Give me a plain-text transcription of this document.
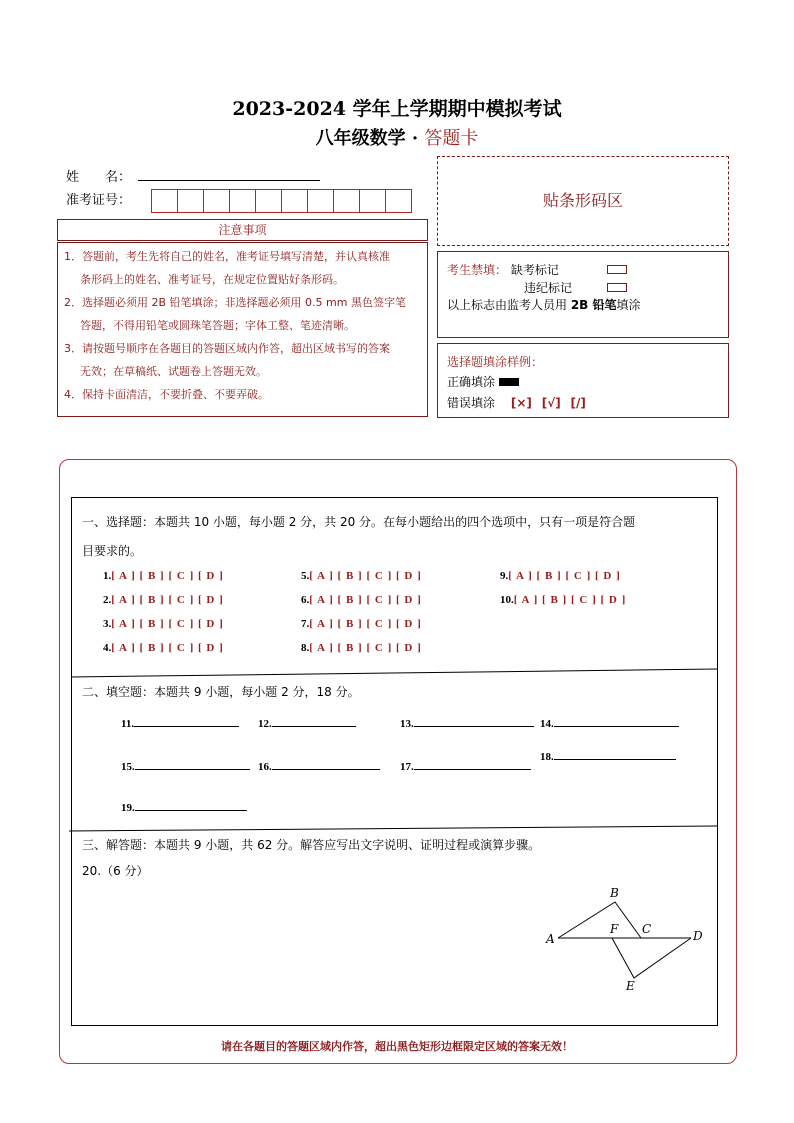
2023-2024 学年上学期期中模拟考试
八年级数学 · 答题卡
姓　　名：
准考证号：
注意事项

1．答题前，考生先将自己的姓名，准考证号填写清楚，并认真核准

条形码上的姓名、准考证号，在规定位置贴好条形码。

2．选择题必须用 2B 铅笔填涂；非选择题必须用 0.5 mm 黑色签字笔

答题，不得用铅笔或圆珠笔答题；字体工整、笔迹清晰。

3．请按题号顺序在各题目的答题区域内作答，超出区域书写的答案

无效；在草稿纸、试题卷上答题无效。

4．保持卡面清洁，不要折叠、不要弄破。

贴条形码区
考生禁填： 缺考标记
违纪标记
以上标志由监考人员用 2B 铅笔填涂
选择题填涂样例：
正确填涂
错误填涂 [×] [√] [/]
一、选择题：本题共 10 小题，每小题 2 分，共 20 分。在每小题给出的四个选项中，只有一项是符合题
目要求的。
1.[ A ] [ B ] [ C ] [ D ]
2.[ A ] [ B ] [ C ] [ D ]
3.[ A ] [ B ] [ C ] [ D ]
4.[ A ] [ B ] [ C ] [ D ]
5.[ A ] [ B ] [ C ] [ D ]
6.[ A ] [ B ] [ C ] [ D ]
7.[ A ] [ B ] [ C ] [ D ]
8.[ A ] [ B ] [ C ] [ D ]
9.[ A ] [ B ] [ C ] [ D ]
10.[ A ] [ B ] [ C ] [ D ]
二、填空题：本题共 9 小题，每小题 2 分，18 分。
11.	12.	13.	14.
15.	16.	17.
18.
19.
三、解答题：本题共 9 小题，共 62 分。解答应写出文字说明、证明过程或演算步骤。
20.（6 分）
A
B
C	D
E
F
请在各题目的答题区域内作答，超出黑色矩形边框限定区域的答案无效！
